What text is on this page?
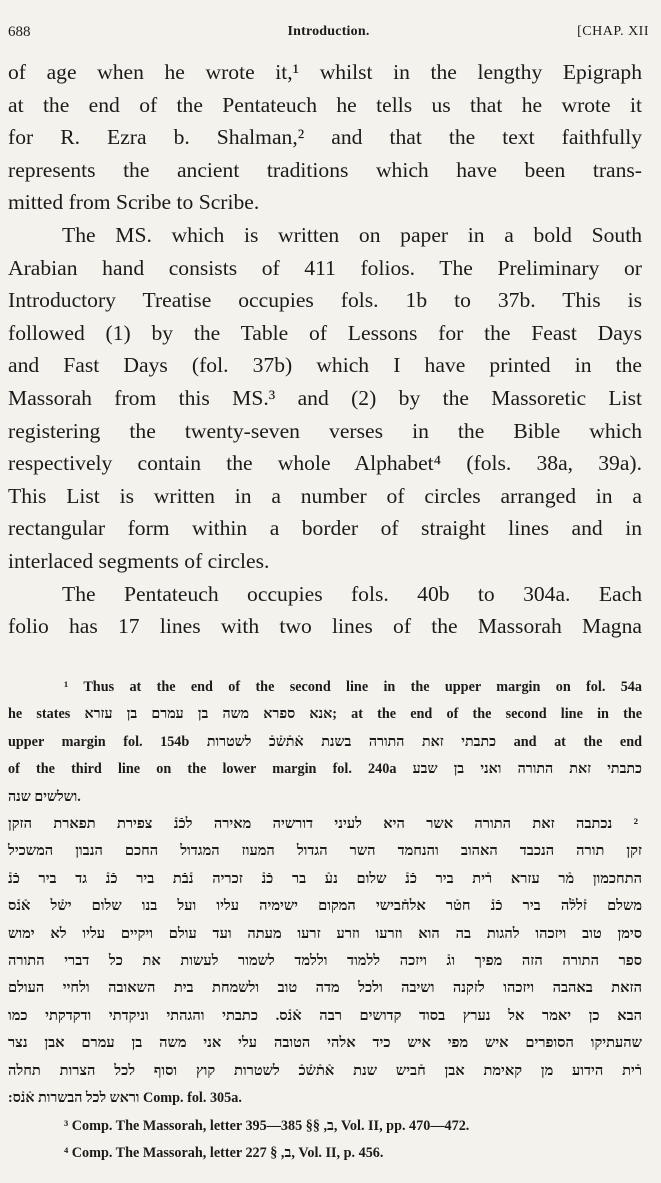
688	Introduction.	[CHAP. XII
of age when he wrote it,¹ whilst in the lengthy Epigraph
at the end of the Pentateuch he tells us that he wrote it
for R. Ezra b. Shalman,² and that the text faithfully
represents the ancient traditions which have been trans-
mitted from Scribe to Scribe.
The MS. which is written on paper in a bold South
Arabian hand consists of 411 folios. The Preliminary or
Introductory Treatise occupies fols. 1b to 37b. This is
followed (1) by the Table of Lessons for the Feast Days
and Fast Days (fol. 37b) which I have printed in the
Massorah from this MS.³ and (2) by the Massoretic List
registering the twenty-seven verses in the Bible which
respectively contain the whole Alphabet⁴ (fols. 38a, 39a).
This List is written in a number of circles arranged in a
rectangular form within a border of straight lines and in
interlaced segments of circles.
The Pentateuch occupies fols. 40b to 304a. Each
folio has 17 lines with two lines of the Massorah Magna
¹ Thus at the end of the second line in the upper margin on fol. 54a
he states אנא ספרא משה בן עמרם בן עזרא; at the end of the second line in the
upper margin fol. 154b כתבתי זאת התורה בשנת אֿתֿשֿכֿ לשטרות and at the end
of the third line on the lower margin fol. 240a כתבתי זאת התורה ואני בן שבע
ושלשים שנה.
² נכתבה זאת התורה אשר היא לעיני דורשיה מאירה לכֿנֿ צפירת תפארת הזקן
זקן תורה הנכבד האהוב והנחמד השר הגדול המעוז המגדול החכם הנבון המשכיל
התחכמון מֿר עזרא רֿית ביר כֿנֿ שלום נעֿ בר כֿנֿ זכריה נֿבֿת ביר כֿנֿ גד ביר כֿנֿ
משלם זֿללֿה ביר כֿנֿ חטֿר אלחֿבישי המקום ישימיה עליו ועל בנו שלום ישֿל אֿנֿס
סימן טוב ויזכהו להגות בה הוא וזרעו וזרע זרעו מעתה ועד עולם ויקיים עליו לא ימוש
ספר התורה הזה מפיך וגֿ ויזכה ללמוד וללמד לשמור לעשות את כל דברי התורה
הזאת באהבה ויזכהו לזקנה ושיבה ולכל מדה טוב ולשמחת בית השאובה ולחיי העולם
הבא כן יאמר אל נערץ בסוד קדושים רבה אֿנֿס. כתבתי והגהתי וניקדתי ודקדקתי כמו
שהעתיקו הסופרים איש מפי איש כיד אלהי הטובה עלי אני משה בן עמרם אבן נצר
רֿית הידוע מן קאימת אבן חֿביש שנת אֿתֿשֿכֿ לשטרות קוץ וסוף לכל הצרות תחלה
וראש לכל הבשרות אֿנֿס: Comp. fol. 305a.
³ Comp. The Massorah, letter ב, §§ 385—395, Vol. II, pp. 470—472.
⁴ Comp. The Massorah, letter ב, § 227, Vol. II, p. 456.
